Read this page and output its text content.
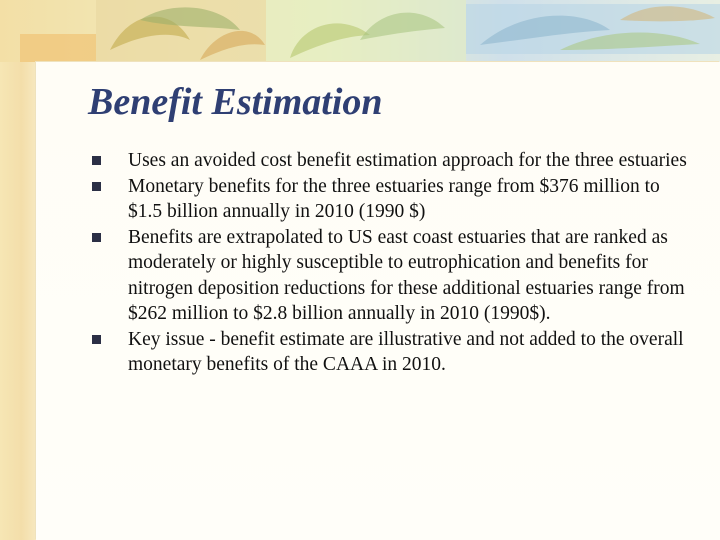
Benefit Estimation
Uses an avoided cost benefit estimation approach for the three estuaries
Monetary benefits for the three estuaries range from $376 million to $1.5 billion annually in 2010 (1990 $)
Benefits are extrapolated to US east coast estuaries that are ranked as moderately or highly susceptible to eutrophication and benefits for nitrogen deposition reductions for these additional estuaries range from $262 million to $2.8 billion annually in 2010 (1990$).
Key issue - benefit estimate are illustrative and not added to the overall monetary benefits of the CAAA in 2010.
